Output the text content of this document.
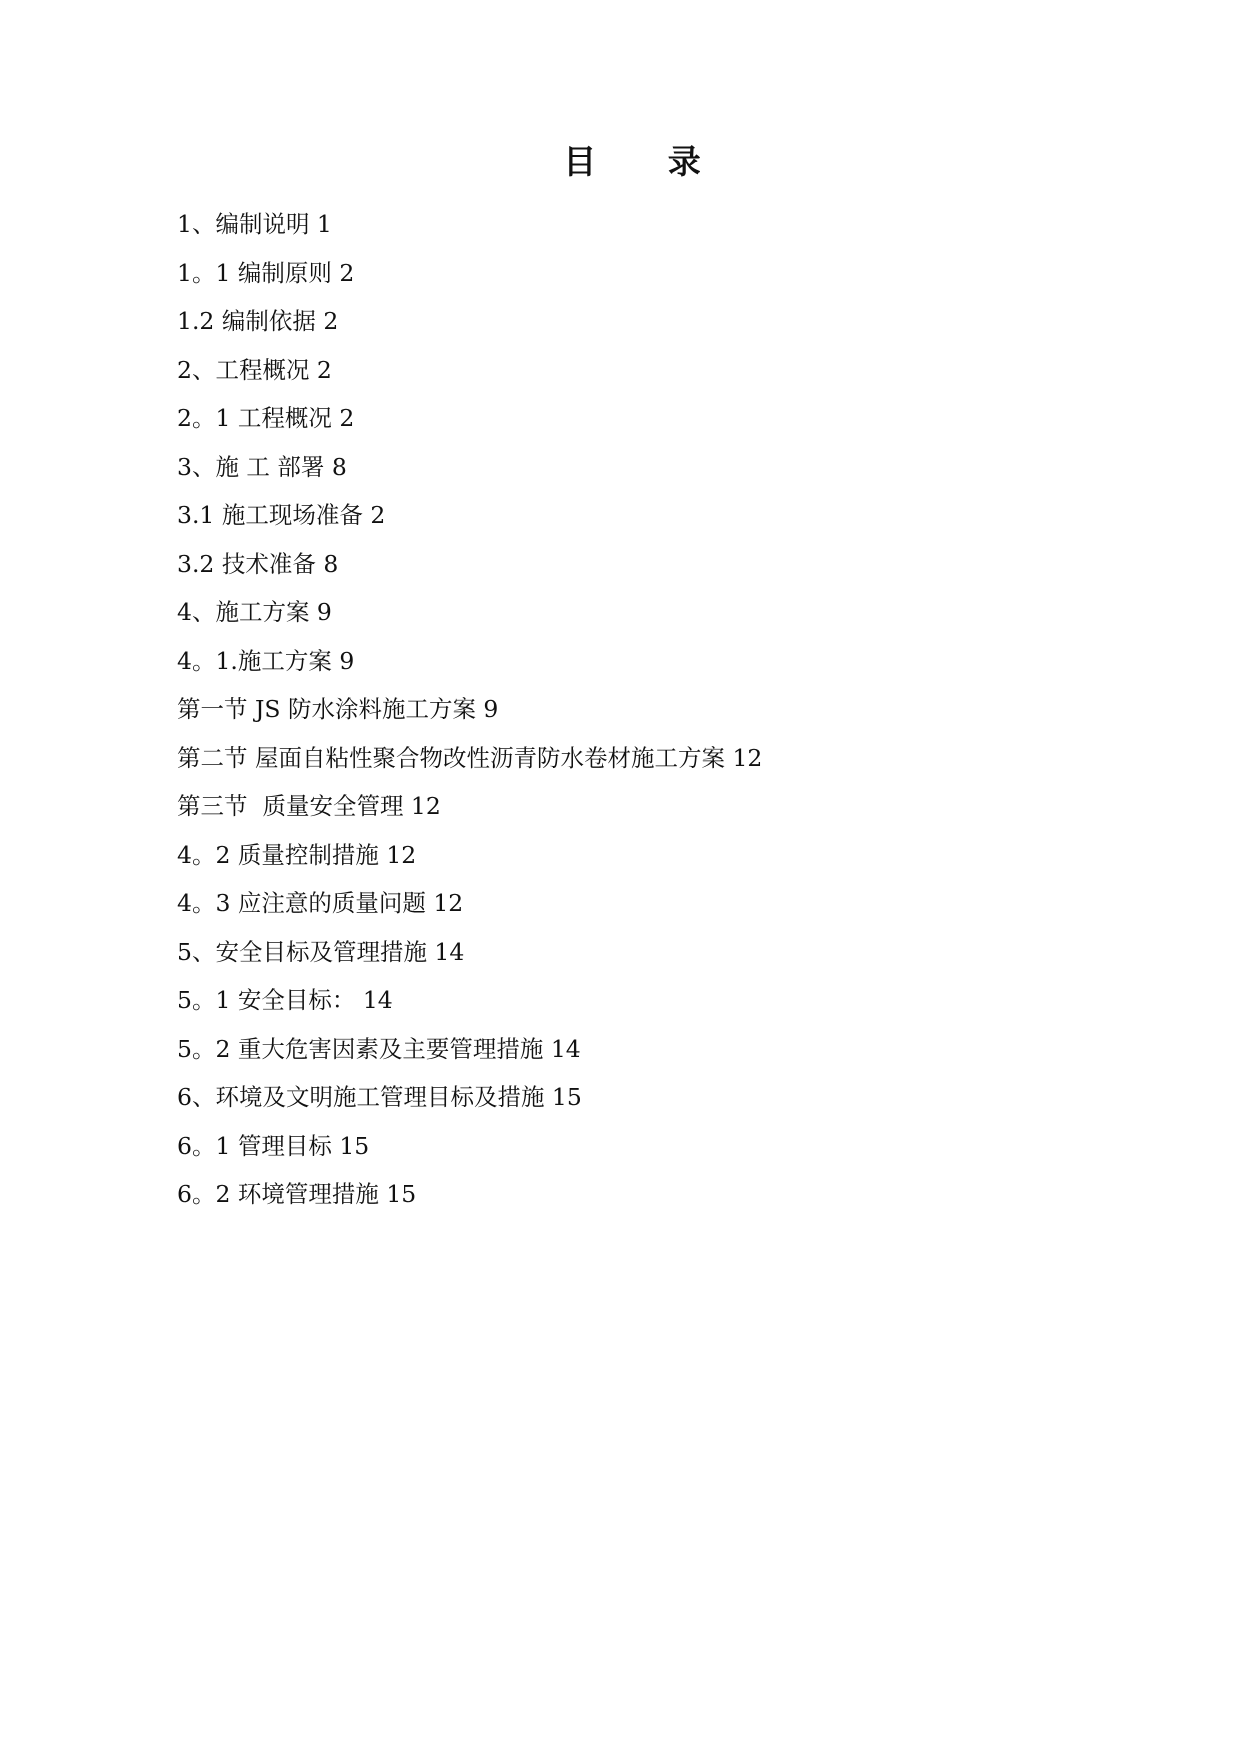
目 录
1、编制说明 1
1。1 编制原则 2
1.2 编制依据 2
2、工程概况 2
2。1 工程概况 2
3、施 工 部署 8
3.1 施工现场准备 2
3.2 技术准备 8
4、施工方案 9
4。1.施工方案 9
第一节 JS 防水涂料施工方案 9
第二节 屋面自粘性聚合物改性沥青防水卷材施工方案 12
第三节  质量安全管理 12
4。2 质量控制措施 12
4。3 应注意的质量问题 12
5、安全目标及管理措施 14
5。1 安全目标： 14
5。2 重大危害因素及主要管理措施 14
6、环境及文明施工管理目标及措施 15
6。1 管理目标 15
6。2 环境管理措施 15
